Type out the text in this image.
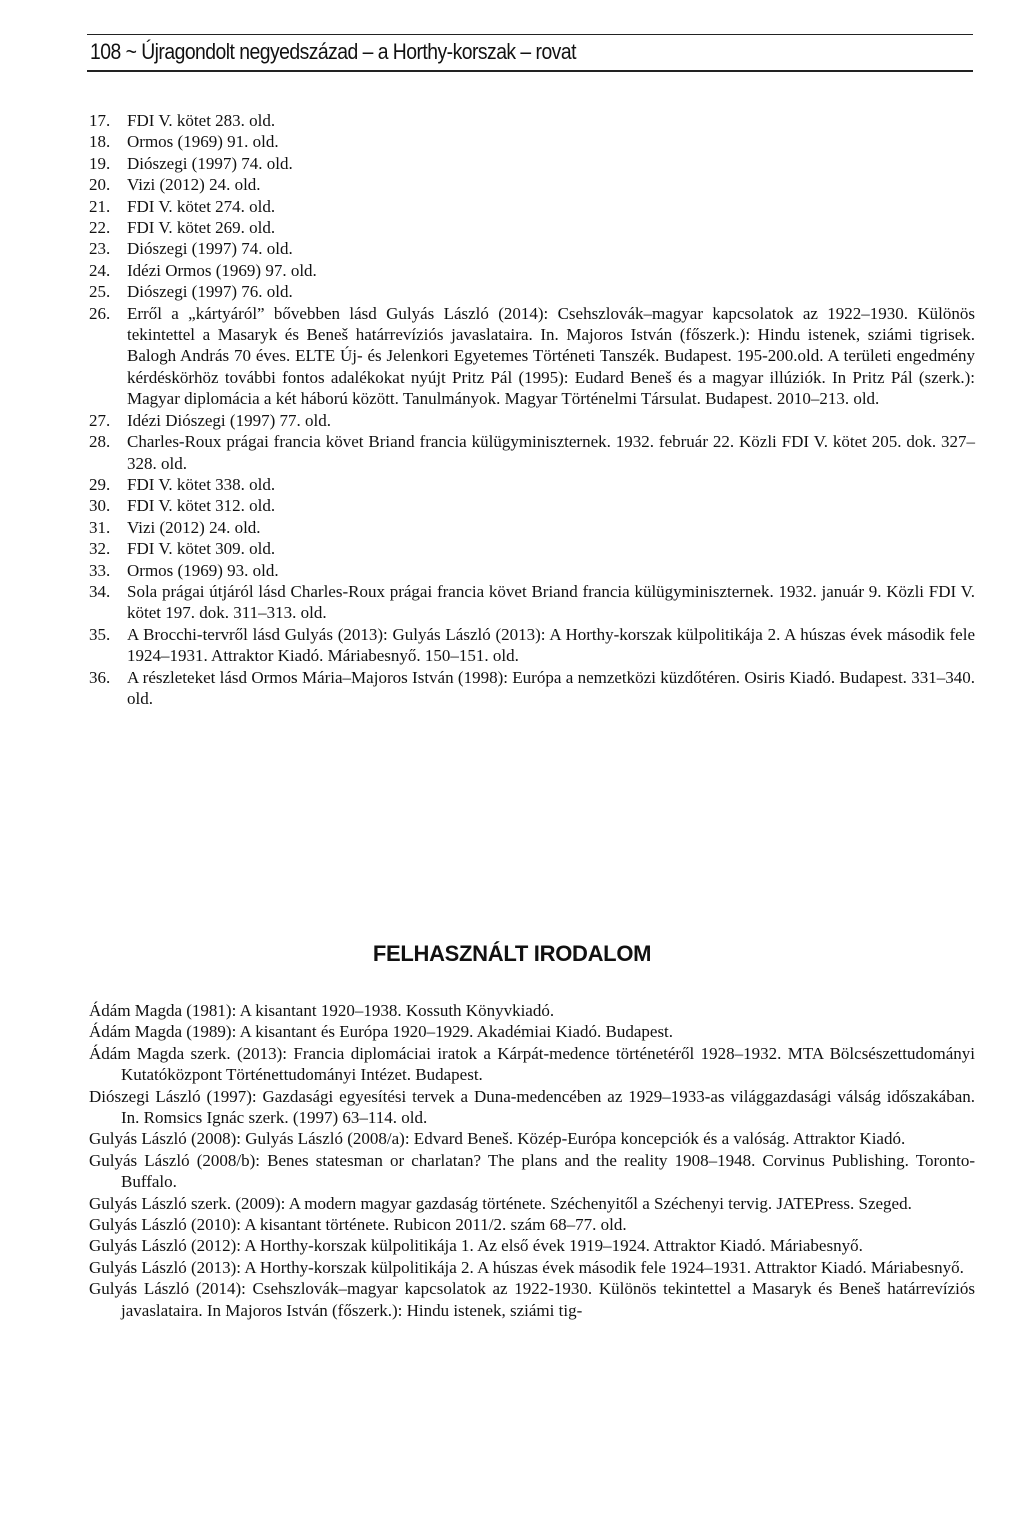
108 ~ Újragondolt negyedszázad – a Horthy-korszak – rovat

17. FDI V. kötet 283. old.

18. Ormos (1969) 91. old.

19. Diószegi (1997) 74. old.

20. Vizi (2012) 24. old.

21. FDI V. kötet 274. old.

22. FDI V. kötet 269. old.

23. Diószegi (1997) 74. old.

24. Idézi Ormos (1969) 97. old.

25. Diószegi (1997) 76. old.

26. Erről a „kártyáról” bővebben lásd Gulyás László (2014): Csehszlovák–magyar kapcsolatok az 1922–1930. Különös tekintettel a Masaryk és Beneš határrevíziós javaslataira. In. Majoros István (főszerk.): Hindu istenek, sziámi tigrisek. Balogh András 70 éves. ELTE Új- és Jelenkori Egyetemes Történeti Tanszék. Budapest. 195-200.old. A területi engedmény kérdéskörhöz további fontos adalékokat nyújt Pritz Pál (1995): Eudard Beneš és a magyar illúziók. In Pritz Pál (szerk.): Magyar diplomácia a két háború között. Tanulmányok. Magyar Történelmi Társulat. Budapest. 2010–213. old.

27. Idézi Diószegi (1997) 77. old.

28. Charles-Roux prágai francia követ Briand francia külügyminiszternek. 1932. február 22. Közli FDI V. kötet 205. dok. 327–328. old.

29. FDI V. kötet 338. old.

30. FDI V. kötet 312. old.

31. Vizi (2012) 24. old.

32. FDI V. kötet 309. old.

33. Ormos (1969) 93. old.

34. Sola prágai útjáról lásd Charles-Roux prágai francia követ Briand francia külügyminiszternek. 1932. január 9. Közli FDI V. kötet 197. dok. 311–313. old.

35. A Brocchi-tervről lásd Gulyás (2013): Gulyás László (2013): A Horthy-korszak külpolitikája 2. A húszas évek második fele 1924–1931. Attraktor Kiadó. Máriabesnyő. 150–151. old.

36. A részleteket lásd Ormos Mária–Majoros István (1998): Európa a nemzetközi küzdőtéren. Osiris Kiadó. Budapest. 331–340. old.

FELHASZNÁLT IRODALOM

Ádám Magda (1981): A kisantant 1920–1938. Kossuth Könyvkiadó.

Ádám Magda (1989): A kisantant és Európa 1920–1929. Akadémiai Kiadó. Budapest.

Ádám Magda szerk. (2013): Francia diplomáciai iratok a Kárpát-medence történetéről 1928–1932. MTA Bölcsészettudományi Kutatóközpont Történettudományi Intézet. Budapest.

Diószegi László (1997): Gazdasági egyesítési tervek a Duna-medencében az 1929–1933-as világgazdasági válság időszakában. In. Romsics Ignác szerk. (1997) 63–114. old.

Gulyás László (2008): Gulyás László (2008/a): Edvard Beneš. Közép-Európa koncepciók és a valóság. Attraktor Kiadó.

Gulyás László (2008/b): Benes statesman or charlatan? The plans and the reality 1908–1948. Corvinus Publishing. Toronto-Buffalo.

Gulyás László szerk. (2009): A modern magyar gazdaság története. Széchenyitől a Széchenyi tervig. JATEPress. Szeged.

Gulyás László (2010): A kisantant története. Rubicon 2011/2. szám 68–77. old.

Gulyás László (2012): A Horthy-korszak külpolitikája 1. Az első évek 1919–1924. Attraktor Kiadó. Máriabesnyő.

Gulyás László (2013): A Horthy-korszak külpolitikája 2. A húszas évek második fele 1924–1931. Attraktor Kiadó. Máriabesnyő.

Gulyás László (2014): Csehszlovák–magyar kapcsolatok az 1922-1930. Különös tekintettel a Masaryk és Beneš határrevíziós javaslataira. In Majoros István (főszerk.): Hindu istenek, sziámi tig-
